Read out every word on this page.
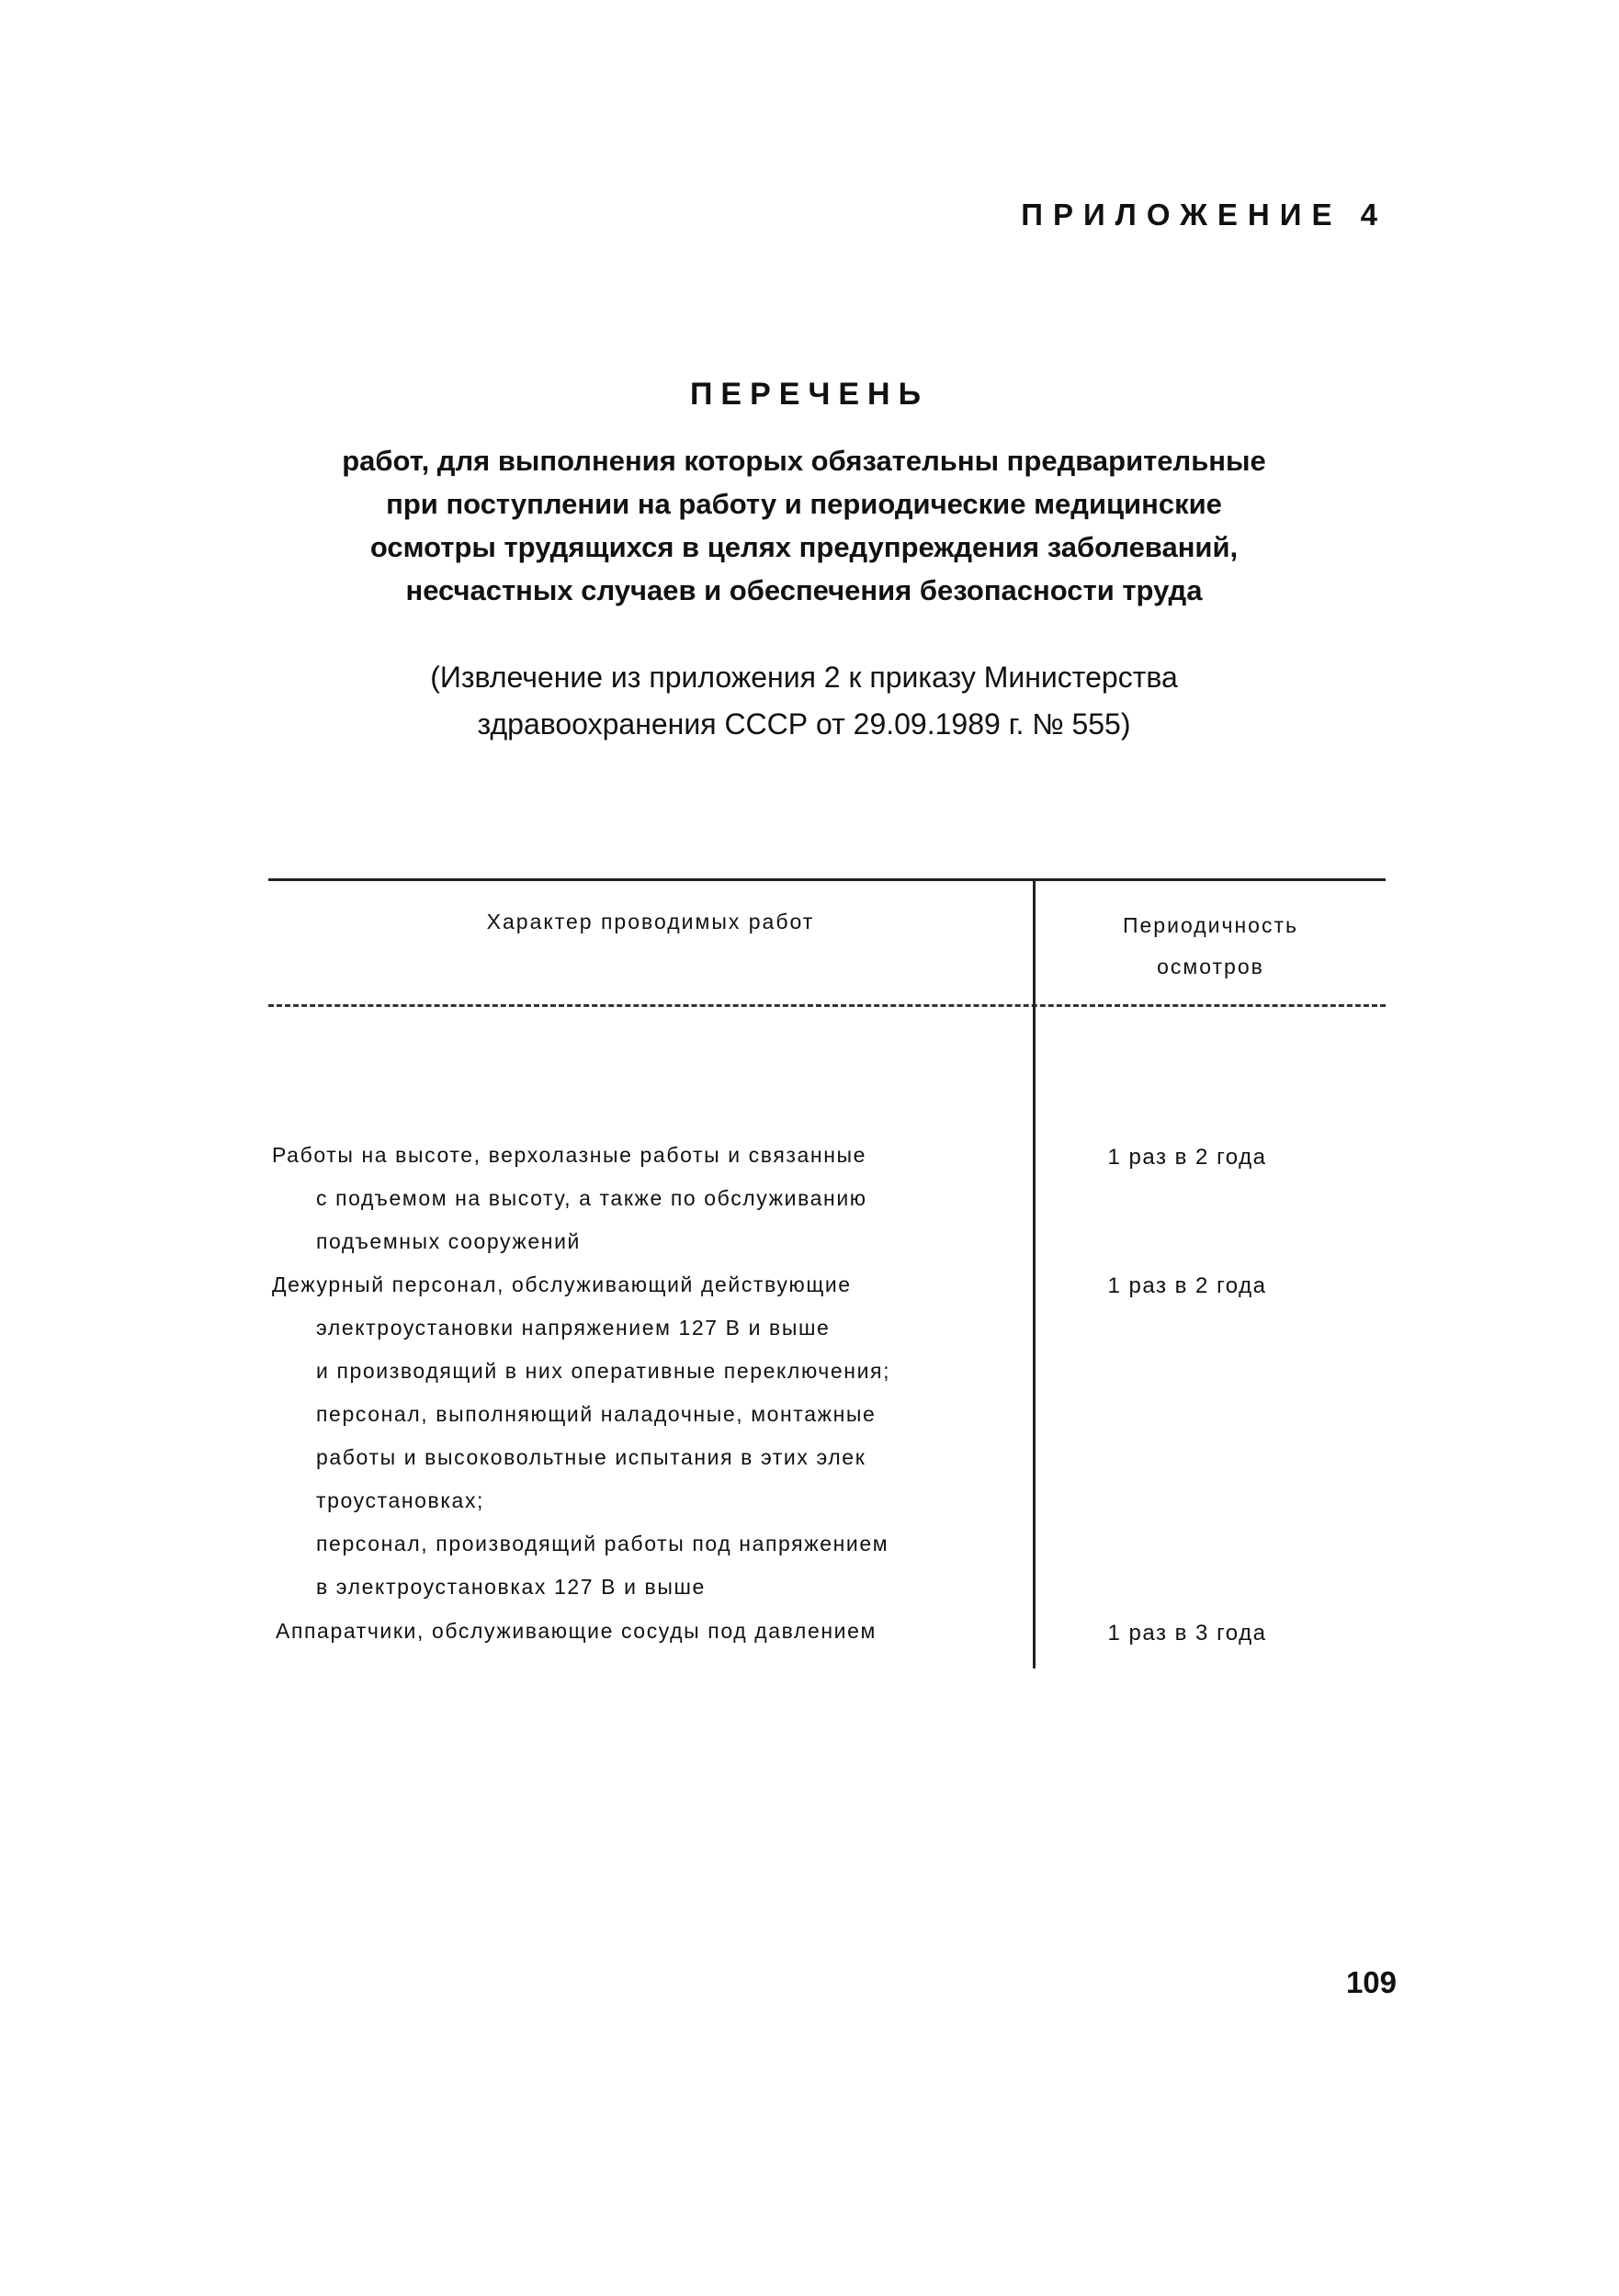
ПРИЛОЖЕНИЕ 4
ПЕРЕЧЕНЬ
работ, для выполнения которых обязательны предварительные
при поступлении на работу и периодические медицинские
осмотры трудящихся в целях предупреждения заболеваний,
несчастных случаев и обеспечения безопасности труда
(Извлечение из приложения 2 к приказу Министерства
здравоохранения СССР от 29.09.1989 г. № 555)
Характер проводимых работ	Периодичность
осмотров
Работы на высоте, верхолазные работы и связанные
с подъемом на высоту, а также по обслуживанию
подъемных сооружений
1 раз в 2 года
Дежурный персонал, обслуживающий действующие
электроустановки напряжением 127 В и выше
и производящий в них оперативные переключения;
персонал, выполняющий наладочные, монтажные
работы и высоковольтные испытания в этих элек
троустановках;
персонал, производящий работы под напряжением
в электроустановках 127 В и выше
1 раз в 2 года
Аппаратчики, обслуживающие сосуды под давлением	1 раз в 3 года
109
